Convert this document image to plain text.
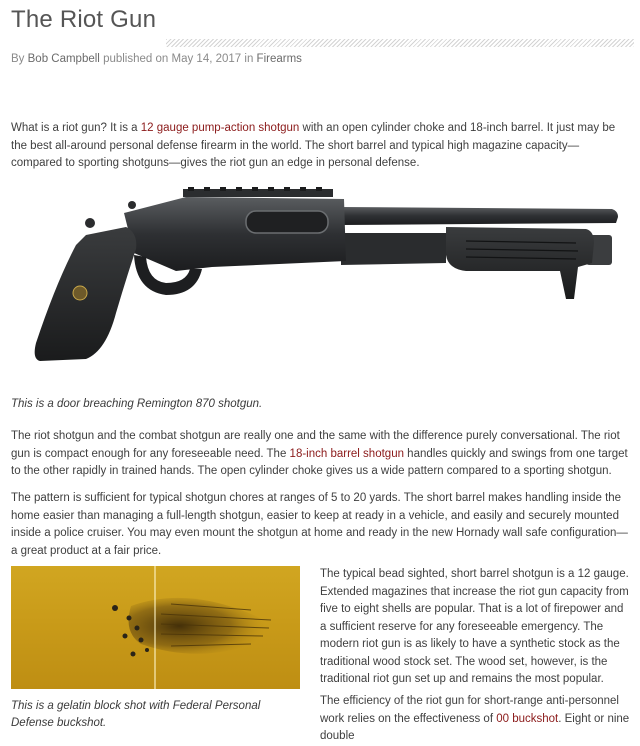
The Riot Gun
By Bob Campbell published on May 14, 2017 in Firearms

What is a riot gun? It is a 12 gauge pump-action shotgun with an open cylinder choke and 18-inch barrel. It just may be the best all-around personal defense firearm in the world. The short barrel and typical high magazine capacity—compared to sporting shotguns—gives the riot gun an edge in personal defense.

This is a door breaching Remington 870 shotgun.

The riot shotgun and the combat shotgun are really one and the same with the difference purely conversational. The riot gun is compact enough for any foreseeable need. The 18-inch barrel shotgun handles quickly and swings from one target to the other rapidly in trained hands. The open cylinder choke gives us a wide pattern compared to a sporting shotgun.

The pattern is sufficient for typical shotgun chores at ranges of 5 to 20 yards. The short barrel makes handling inside the home easier than managing a full-length shotgun, easier to keep at ready in a vehicle, and easily and securely mounted inside a police cruiser. You may even mount the shotgun at home and ready in the new Hornady wall safe configuration—a great product at a fair price.

This is a gelatin block shot with Federal Personal Defense buckshot.

The typical bead sighted, short barrel shotgun is a 12 gauge. Extended magazines that increase the riot gun capacity from five to eight shells are popular. That is a lot of firepower and a sufficient reserve for any foreseeable emergency. The modern riot gun is as likely to have a synthetic stock as the traditional wood stock set. The wood set, however, is the traditional riot gun set up and remains the most popular.

The efficiency of the riot gun for short-range anti-personnel work relies on the effectiveness of 00 buckshot. Eight or nine double
